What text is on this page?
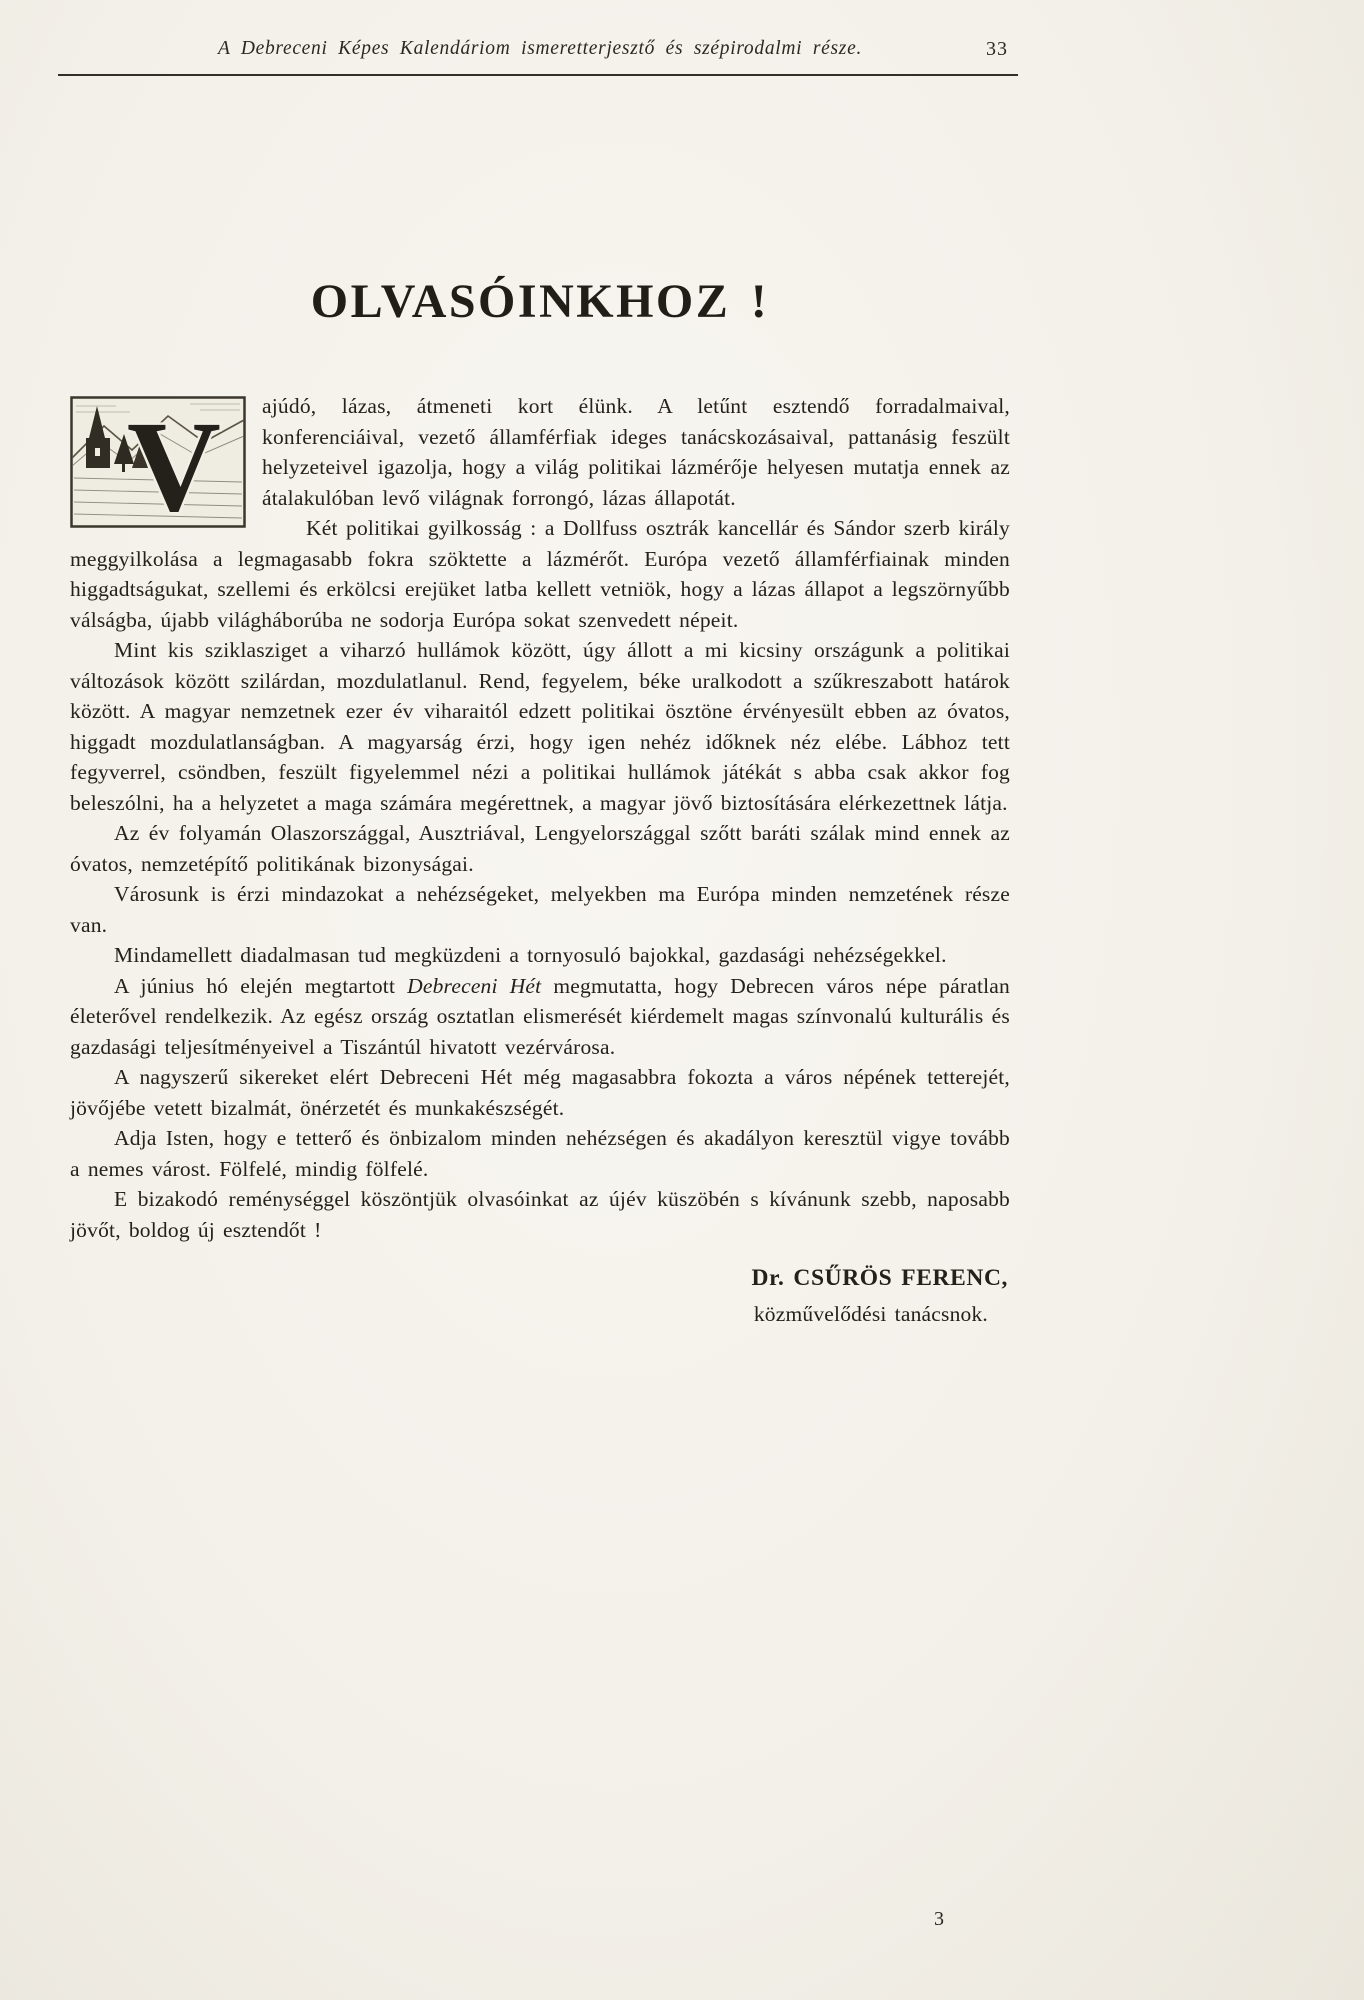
A Debreceni Képes Kalendáriom ismeretterjesztő és szépirodalmi része.	33
OLVASÓINKHOZ !

V ajúdó, lázas, átmeneti kort élünk. A letűnt esztendő forradalmaival, konferenciáival, vezető államférfiak ideges tanácskozásaival, pattanásig feszült helyzeteivel igazolja, hogy a világ politikai lázmérője helyesen mutatja ennek az átalakulóban levő világnak forrongó, lázas állapotát.

Két politikai gyilkosság : a Dollfuss osztrák kancellár és Sándor szerb király meggyilkolása a legmagasabb fokra szöktette a lázmérőt. Európa vezető államférfiainak minden higgadtságukat, szellemi és erkölcsi erejüket latba kellett vetniök, hogy a lázas állapot a legszörnyűbb válságba, újabb világháborúba ne sodorja Európa sokat szenvedett népeit.

Mint kis sziklasziget a viharzó hullámok között, úgy állott a mi kicsiny országunk a politikai változások között szilárdan, mozdulatlanul. Rend, fegyelem, béke uralkodott a szűkreszabott határok között. A magyar nemzetnek ezer év viharaitól edzett politikai ösztöne érvényesült ebben az óvatos, higgadt mozdulatlanságban. A magyarság érzi, hogy igen nehéz időknek néz elébe. Lábhoz tett fegyverrel, csöndben, feszült figyelemmel nézi a politikai hullámok játékát s abba csak akkor fog beleszólni, ha a helyzetet a maga számára megérettnek, a magyar jövő biztosítására elérkezettnek látja.

Az év folyamán Olaszországgal, Ausztriával, Lengyelországgal szőtt baráti szálak mind ennek az óvatos, nemzetépítő politikának bizonyságai.

Városunk is érzi mindazokat a nehézségeket, melyekben ma Európa minden nemzetének része van.

Mindamellett diadalmasan tud megküzdeni a tornyosuló bajokkal, gazdasági nehézségekkel.

A június hó elején megtartott Debreceni Hét megmutatta, hogy Debrecen város népe páratlan életerővel rendelkezik. Az egész ország osztatlan elismerését kiérdemelt magas színvonalú kulturális és gazdasági teljesítményeivel a Tiszántúl hivatott vezérvárosa.

A nagyszerű sikereket elért Debreceni Hét még magasabbra fokozta a város népének tetterejét, jövőjébe vetett bizalmát, önérzetét és munkakészségét.

Adja Isten, hogy e tetterő és önbizalom minden nehézségen és akadályon keresztül vigye tovább a nemes várost. Fölfelé, mindig fölfelé.

E bizakodó reménységgel köszöntjük olvasóinkat az újév küszöbén s kívánunk szebb, naposabb jövőt, boldog új esztendőt !

Dr. CSŰRÖS FERENC,
közművelődési tanácsnok.
3
